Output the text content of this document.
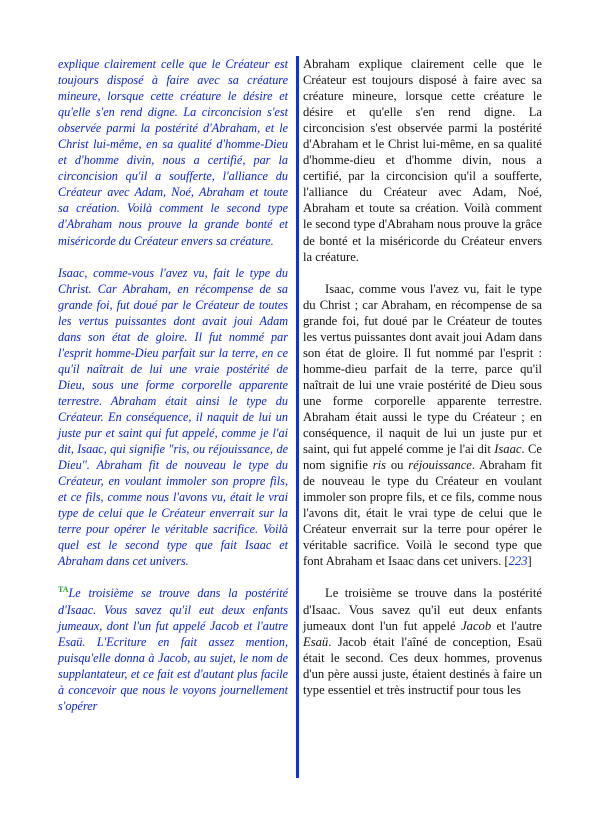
explique clairement celle que le Créateur est toujours disposé à faire avec sa créature mineure, lorsque cette créature le désire et qu'elle s'en rend digne. La circoncision s'est observée parmi la postérité d'Abraham, et le Christ lui-même, en sa qualité d'homme-Dieu et d'homme divin, nous a certifié, par la circoncision qu'il a soufferte, l'alliance du Créateur avec Adam, Noé, Abraham et toute sa création. Voilà comment le second type d'Abraham nous prouve la grande bonté et miséricorde du Créateur envers sa créature.

Isaac, comme-vous l'avez vu, fait le type du Christ. Car Abraham, en récompense de sa grande foi, fut doué par le Créateur de toutes les vertus puissantes dont avait joui Adam dans son état de gloire. Il fut nommé par l'esprit homme-Dieu parfait sur la terre, en ce qu'il naîtrait de lui une vraie postérité de Dieu, sous une forme corporelle apparente terrestre. Abraham était ainsi le type du Créateur. En conséquence, il naquit de lui un juste pur et saint qui fut appelé, comme je l'ai dit, Isaac, qui signifie "ris, ou réjouissance, de Dieu". Abraham fit de nouveau le type du Créateur, en voulant immoler son propre fils, et ce fils, comme nous l'avons vu, était le vrai type de celui que le Créateur enverrait sur la terre pour opérer le véritable sacrifice. Voilà quel est le second type que fait Isaac et Abraham dans cet univers.

$^{TA}$Le troisième se trouve dans la postérité d'Isaac. Vous savez qu'il eut deux enfants jumeaux, dont l'un fut appelé Jacob et l'autre Esaü. L'Ecriture en fait assez mention, puisqu'elle donna à Jacob, au sujet, le nom de supplantateur, et ce fait est d'autant plus facile à concevoir que nous le voyons journellement s'opérer

Abraham explique clairement celle que le Créateur est toujours disposé à faire avec sa créature mineure, lorsque cette créature le désire et qu'elle s'en rend digne. La circoncision s'est observée parmi la postérité d'Abraham et le Christ lui-même, en sa qualité d'homme-dieu et d'homme divin, nous a certifié, par la circoncision qu'il a soufferte, l'alliance du Créateur avec Adam, Noé, Abraham et toute sa création. Voilà comment le second type d'Abraham nous prouve la grâce de bonté et la miséricorde du Créateur envers la créature.

Isaac, comme vous l'avez vu, fait le type du Christ ; car Abraham, en récompense de sa grande foi, fut doué par le Créateur de toutes les vertus puissantes dont avait joui Adam dans son état de gloire. Il fut nommé par l'esprit : homme-dieu parfait de la terre, parce qu'il naîtrait de lui une vraie postérité de Dieu sous une forme corporelle apparente terrestre. Abraham était aussi le type du Créateur ; en conséquence, il naquit de lui un juste pur et saint, qui fut appelé comme je l'ai dit Isaac. Ce nom signifie ris ou réjouissance. Abraham fit de nouveau le type du Créateur en voulant immoler son propre fils, et ce fils, comme nous l'avons dit, était le vrai type de celui que le Créateur enverrait sur la terre pour opérer le véritable sacrifice. Voilà le second type que font Abraham et Isaac dans cet univers. [223]

Le troisième se trouve dans la postérité d'Isaac. Vous savez qu'il eut deux enfants jumeaux dont l'un fut appelé Jacob et l'autre Esaü. Jacob était l'aîné de conception, Esaü était le second. Ces deux hommes, provenus d'un père aussi juste, étaient destinés à faire un type essentiel et très instructif pour tous les
